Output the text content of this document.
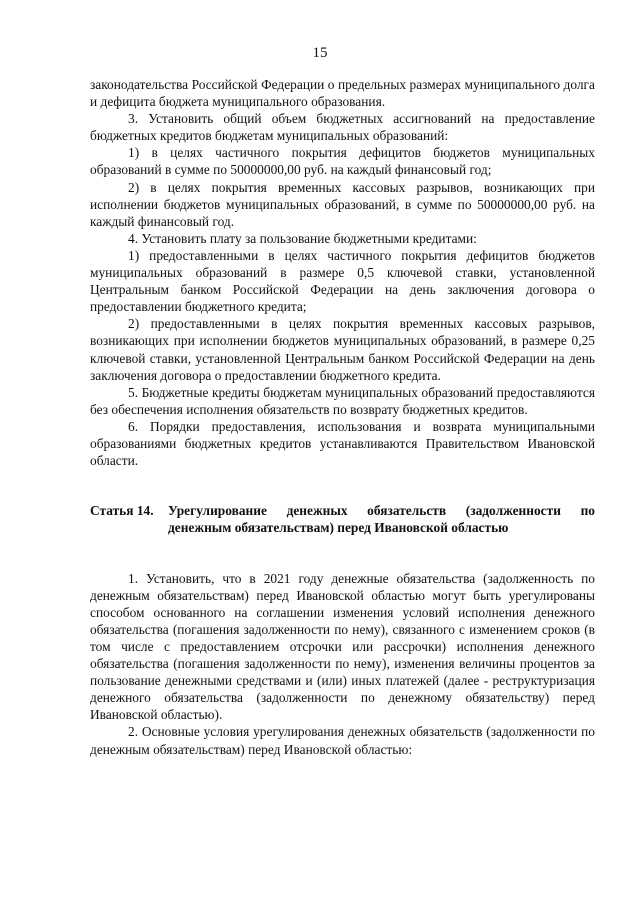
15

законодательства Российской Федерации о предельных размерах муниципального долга и дефицита бюджета муниципального образования.

3. Установить общий объем бюджетных ассигнований на предоставление бюджетных кредитов бюджетам муниципальных образований:

1) в целях частичного покрытия дефицитов бюджетов муниципальных образований в сумме по 50000000,00 руб. на каждый финансовый год;

2) в целях покрытия временных кассовых разрывов, возникающих при исполнении бюджетов муниципальных образований, в сумме по 50000000,00 руб. на каждый финансовый год.

4. Установить плату за пользование бюджетными кредитами:

1) предоставленными в целях частичного покрытия дефицитов бюджетов муниципальных образований в размере 0,5 ключевой ставки, установленной Центральным банком Российской Федерации на день заключения договора о предоставлении бюджетного кредита;

2) предоставленными в целях покрытия временных кассовых разрывов, возникающих при исполнении бюджетов муниципальных образований, в размере 0,25 ключевой ставки, установленной Центральным банком Российской Федерации на день заключения договора о предоставлении бюджетного кредита.

5. Бюджетные кредиты бюджетам муниципальных образований предоставляются без обеспечения исполнения обязательств по возврату бюджетных кредитов.

6. Порядки предоставления, использования и возврата муниципальными образованиями бюджетных кредитов устанавливаются Правительством Ивановской области.

Статья 14.	Урегулирование денежных обязательств (задолженности по денежным обязательствам) перед Ивановской областью

1. Установить, что в 2021 году денежные обязательства (задолженность по денежным обязательствам) перед Ивановской областью могут быть урегулированы способом основанного на соглашении изменения условий исполнения денежного обязательства (погашения задолженности по нему), связанного с изменением сроков (в том числе с предоставлением отсрочки или рассрочки) исполнения денежного обязательства (погашения задолженности по нему), изменения величины процентов за пользование денежными средствами и (или) иных платежей (далее - реструктуризация денежного обязательства (задолженности по денежному обязательству) перед Ивановской областью).

2. Основные условия урегулирования денежных обязательств (задолженности по денежным обязательствам) перед Ивановской областью:
